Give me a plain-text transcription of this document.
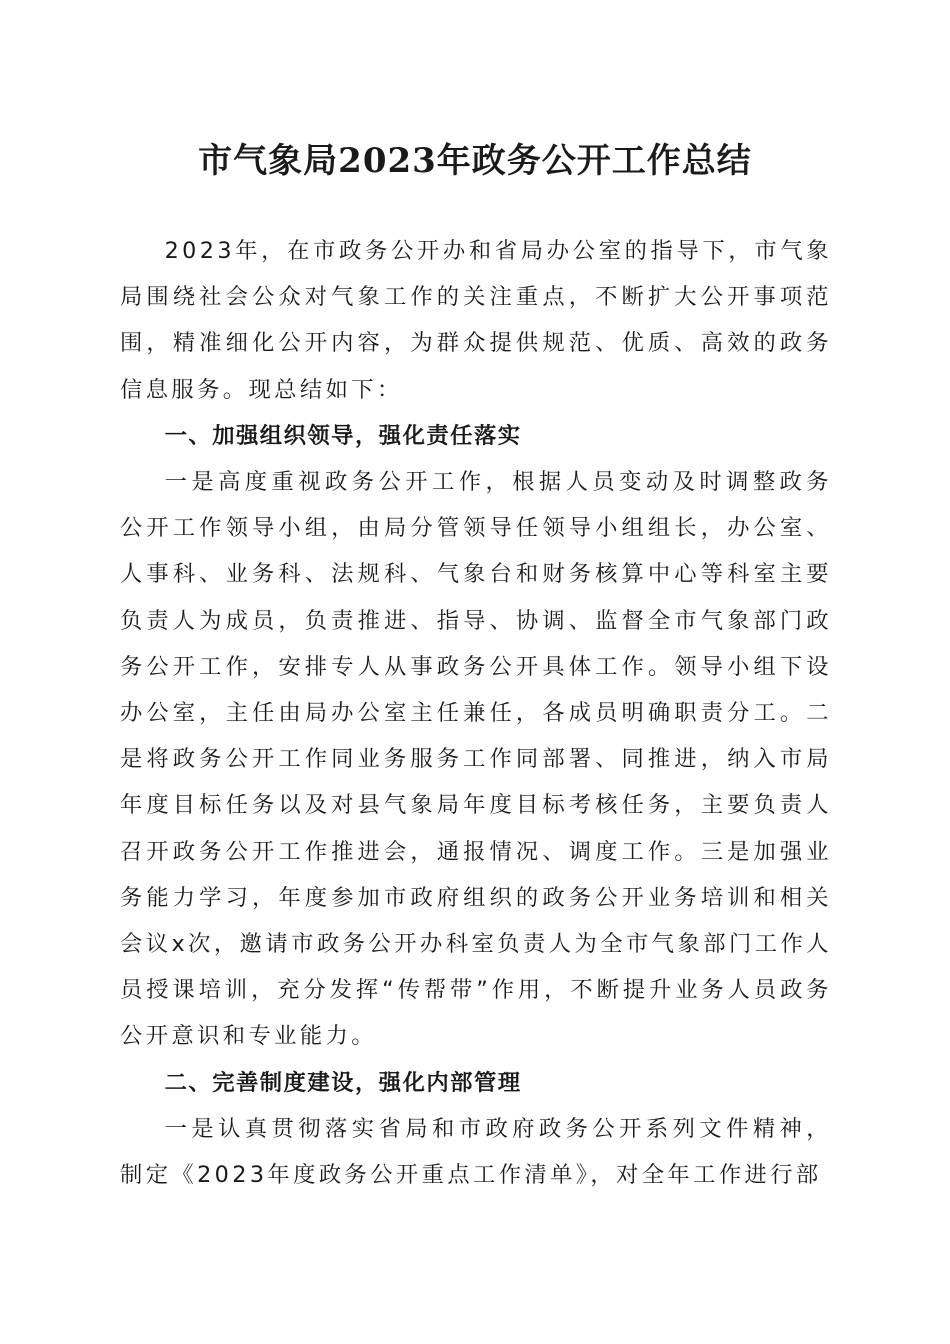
市气象局2023年政务公开工作总结

2023年，在市政务公开办和省局办公室的指导下，市气象局围绕社会公众对气象工作的关注重点，不断扩大公开事项范围，精准细化公开内容，为群众提供规范、优质、高效的政务信息服务。现总结如下：

一、加强组织领导，强化责任落实

一是高度重视政务公开工作，根据人员变动及时调整政务公开工作领导小组，由局分管领导任领导小组组长，办公室、人事科、业务科、法规科、气象台和财务核算中心等科室主要负责人为成员，负责推进、指导、协调、监督全市气象部门政务公开工作，安排专人从事政务公开具体工作。领导小组下设办公室，主任由局办公室主任兼任，各成员明确职责分工。二是将政务公开工作同业务服务工作同部署、同推进，纳入市局年度目标任务以及对县气象局年度目标考核任务，主要负责人召开政务公开工作推进会，通报情况、调度工作。三是加强业务能力学习，年度参加市政府组织的政务公开业务培训和相关会议x次，邀请市政务公开办科室负责人为全市气象部门工作人员授课培训，充分发挥“传帮带”作用，不断提升业务人员政务公开意识和专业能力。

二、完善制度建设，强化内部管理

一是认真贯彻落实省局和市政府政务公开系列文件精神，制定《2023年度政务公开重点工作清单》，对全年工作进行部
